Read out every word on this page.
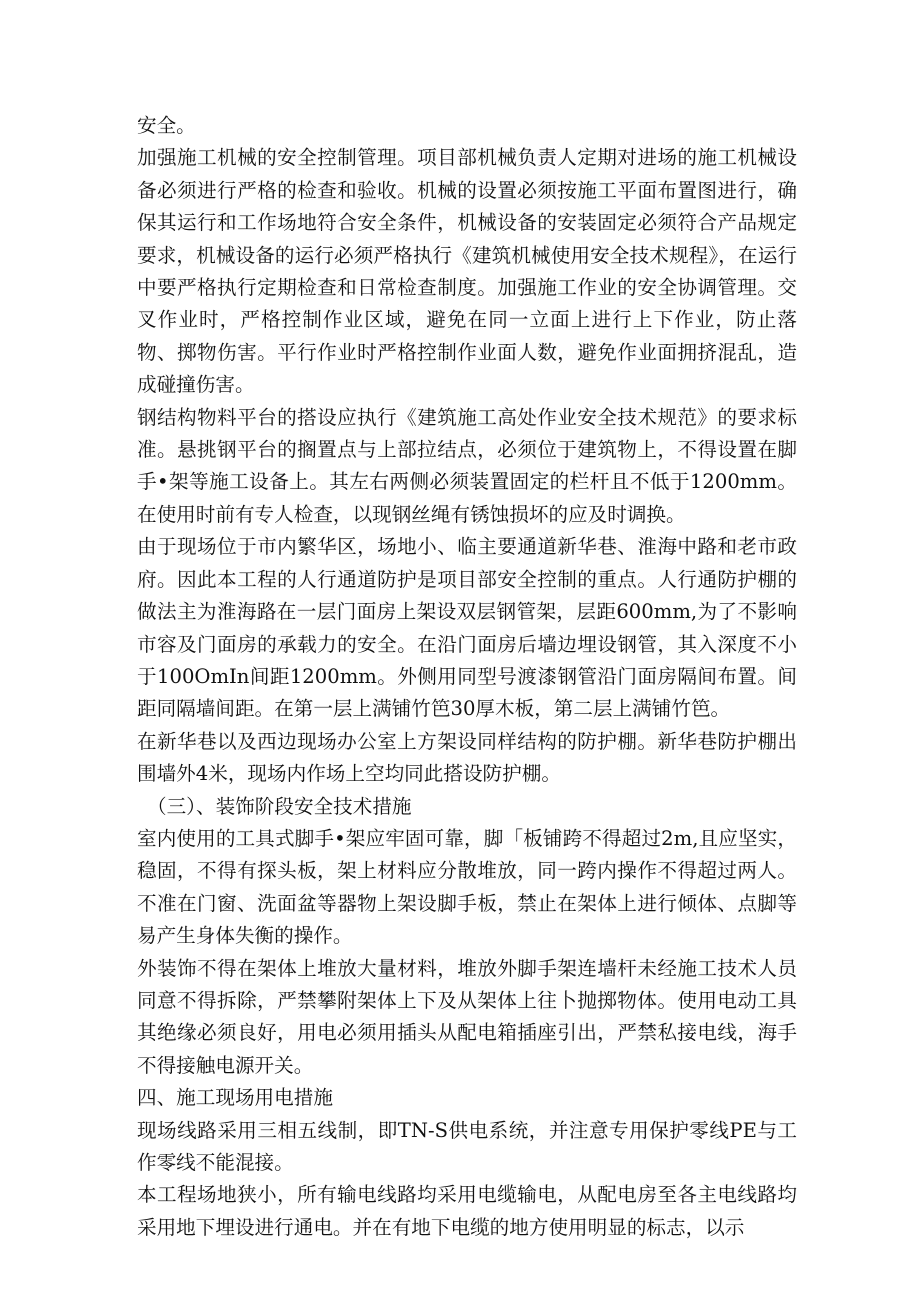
安全。

加强施工机械的安全控制管理。项目部机械负责人定期对进场的施工机械设备必须进行严格的检查和验收。机械的设置必须按施工平面布置图进行，确保其运行和工作场地符合安全条件，机械设备的安装固定必须符合产品规定要求，机械设备的运行必须严格执行《建筑机械使用安全技术规程》，在运行中要严格执行定期检查和日常检查制度。加强施工作业的安全协调管理。交叉作业时，严格控制作业区域，避免在同一立面上进行上下作业，防止落物、掷物伤害。平行作业时严格控制作业面人数，避免作业面拥挤混乱，造成碰撞伤害。

钢结构物料平台的搭设应执行《建筑施工高处作业安全技术规范》的要求标准。悬挑钢平台的搁置点与上部拉结点，必须位于建筑物上，不得设置在脚手•架等施工设备上。其左右两侧必须装置固定的栏杆且不低于1200mm。在使用时前有专人检查，以现钢丝绳有锈蚀损坏的应及时调换。

由于现场位于市内繁华区，场地小、临主要通道新华巷、淮海中路和老市政府。因此本工程的人行通道防护是项目部安全控制的重点。人行通防护棚的做法主为淮海路在一层门面房上架设双层钢管架，层距600mm,为了不影响市容及门面房的承载力的安全。在沿门面房后墙边埋设钢管，其入深度不小于100OmIn间距1200mm。外侧用同型号渡漆钢管沿门面房隔间布置。间距同隔墙间距。在第一层上满铺竹笆30厚木板，第二层上满铺竹笆。

在新华巷以及西边现场办公室上方架设同样结构的防护棚。新华巷防护棚出围墙外4米，现场内作场上空均同此搭设防护棚。

（三）、装饰阶段安全技术措施

室内使用的工具式脚手•架应牢固可靠，脚「板铺跨不得超过2m,且应坚实，稳固，不得有探头板，架上材料应分散堆放，同一跨内操作不得超过两人。不准在门窗、洗面盆等器物上架设脚手板，禁止在架体上进行倾体、点脚等易产生身体失衡的操作。

外装饰不得在架体上堆放大量材料，堆放外脚手架连墙杆未经施工技术人员同意不得拆除，严禁攀附架体上下及从架体上往卜抛掷物体。使用电动工具其绝缘必须良好，用电必须用插头从配电箱插座引出，严禁私接电线，海手不得接触电源开关。

四、施工现场用电措施

现场线路采用三相五线制，即TN-S供电系统，并注意专用保护零线PE与工作零线不能混接。

本工程场地狭小，所有输电线路均采用电缆输电，从配电房至各主电线路均采用地下埋设进行通电。并在有地下电缆的地方使用明显的标志，以示
